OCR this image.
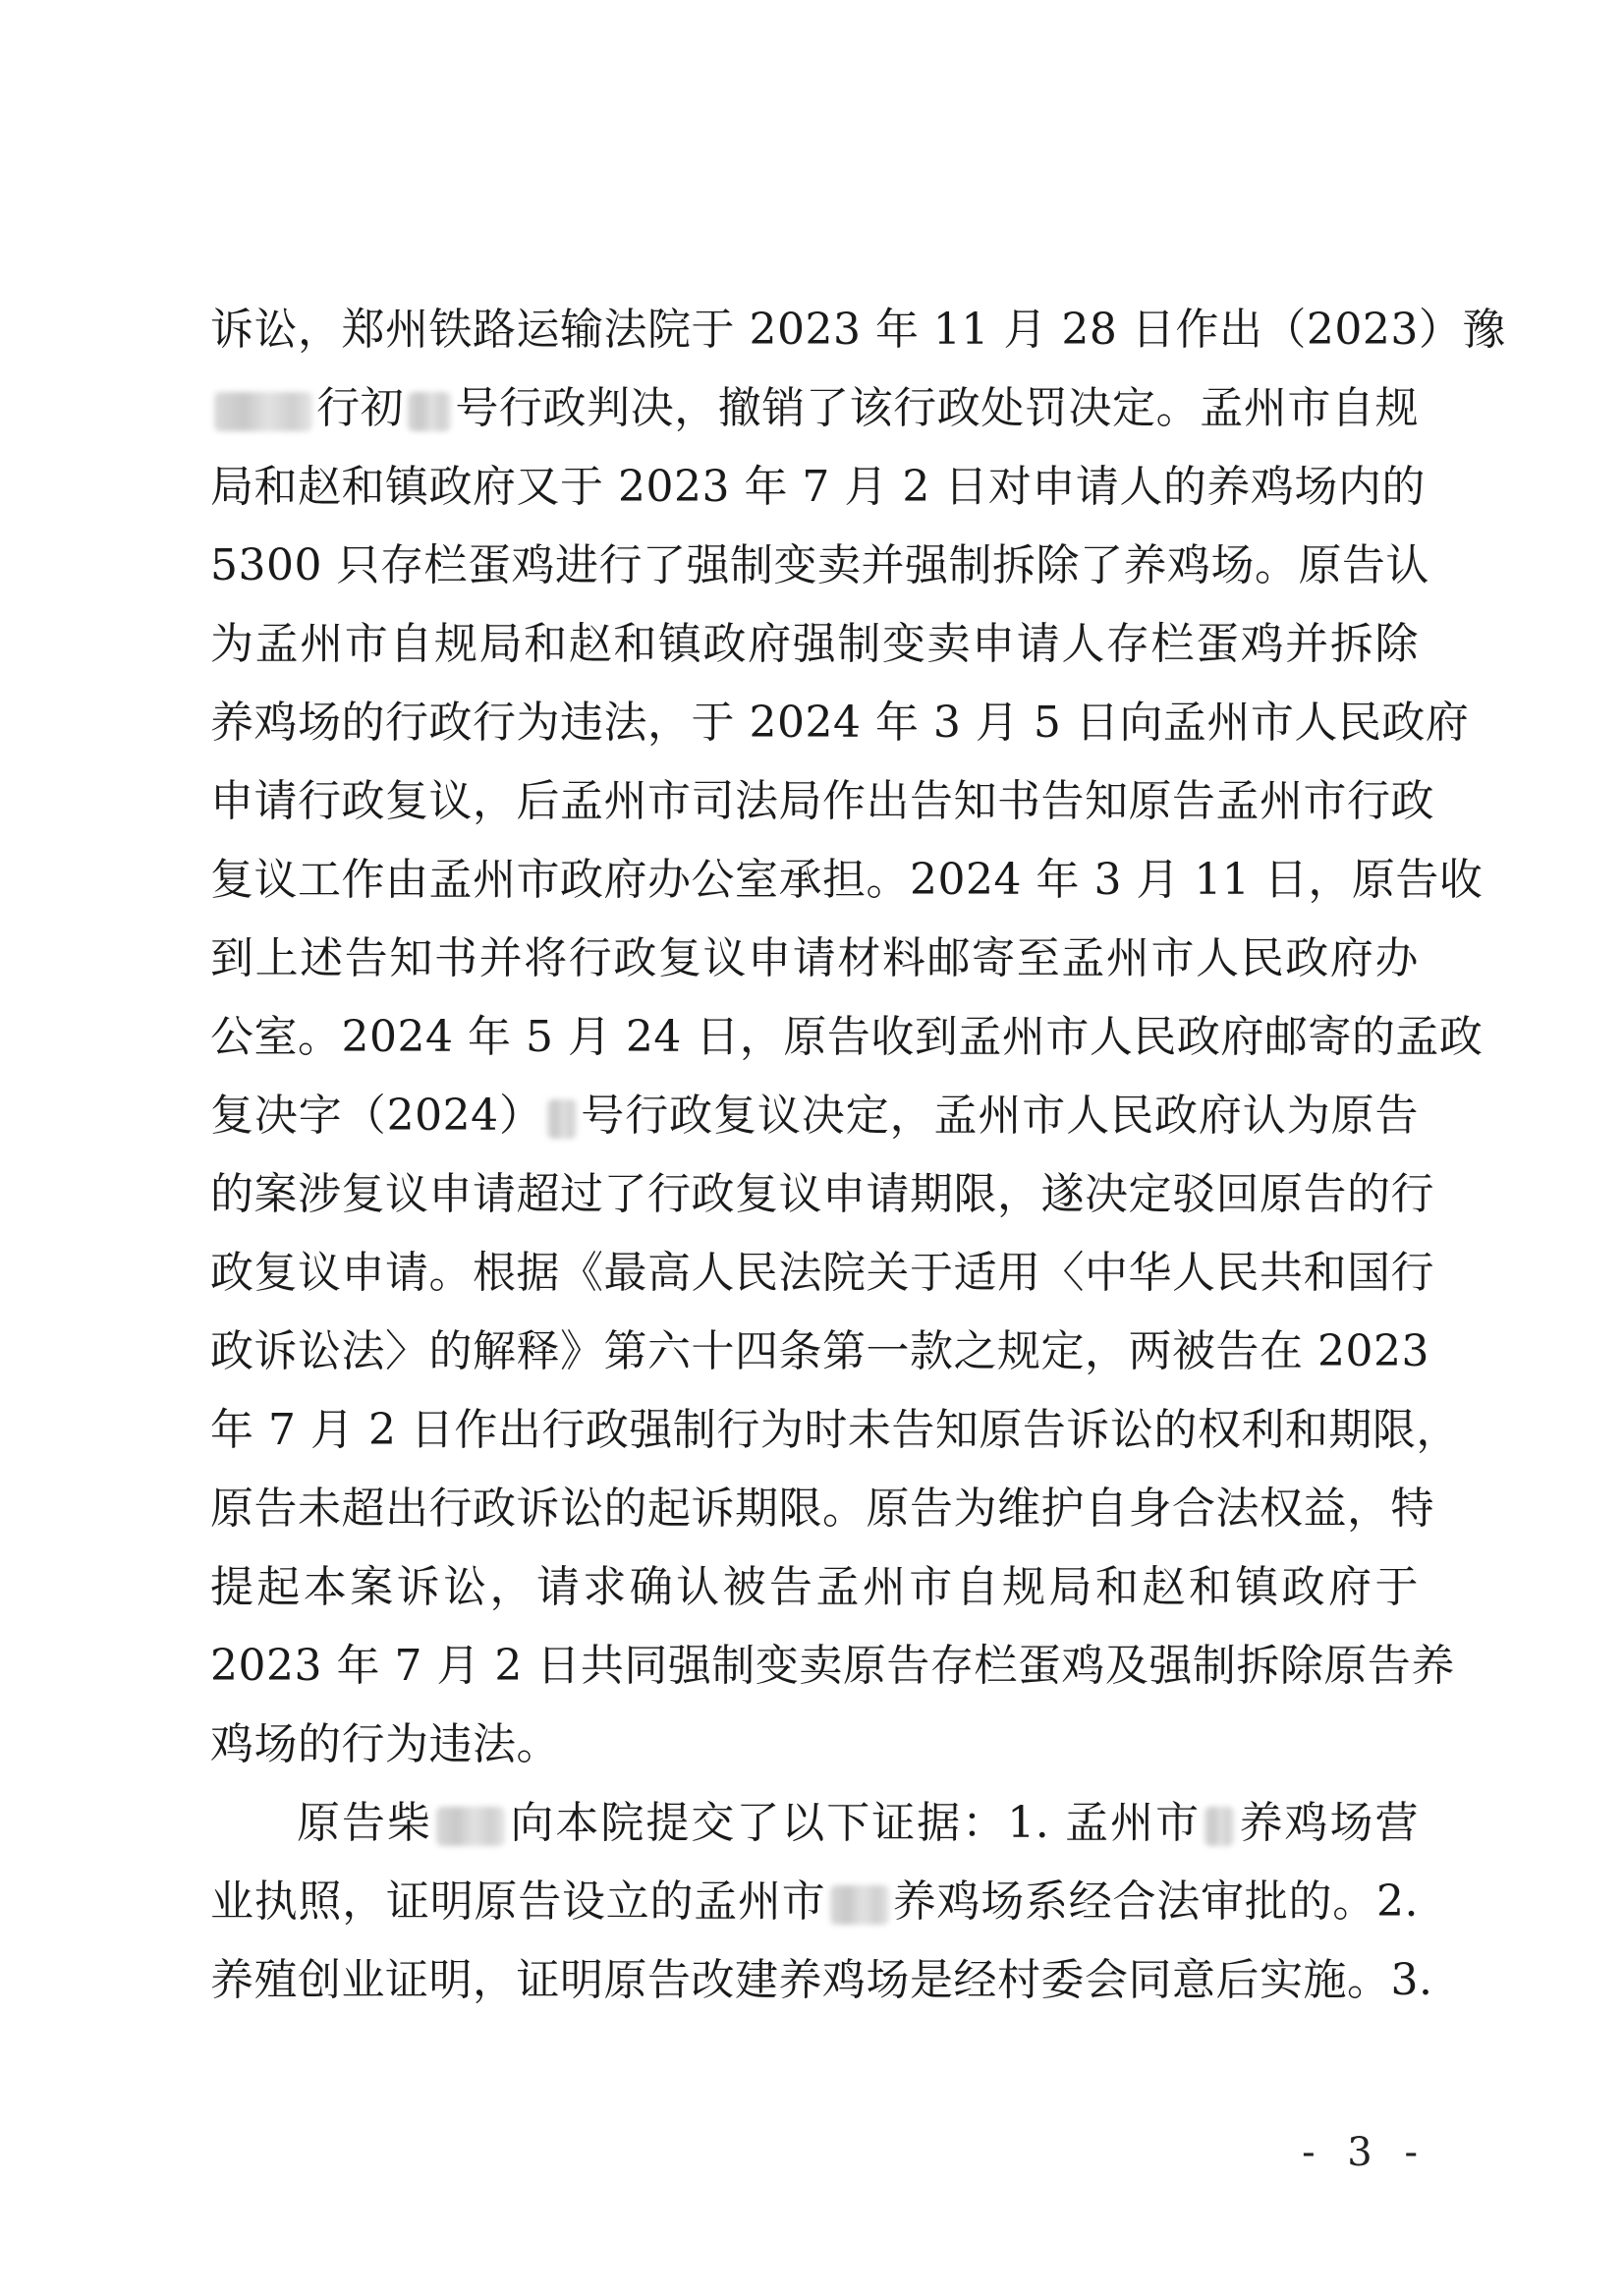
诉讼，郑州铁路运输法院于 2023 年 11 月 28 日作出（2023）豫
行初 号行政判决，撤销了该行政处罚决定。孟州市自规
局和赵和镇政府又于 2023 年 7 月 2 日对申请人的养鸡场内的
5300 只存栏蛋鸡进行了强制变卖并强制拆除了养鸡场。原告认
为孟州市自规局和赵和镇政府强制变卖申请人存栏蛋鸡并拆除
养鸡场的行政行为违法，于 2024 年 3 月 5 日向孟州市人民政府
申请行政复议，后孟州市司法局作出告知书告知原告孟州市行政
复议工作由孟州市政府办公室承担。2024 年 3 月 11 日，原告收
到上述告知书并将行政复议申请材料邮寄至孟州市人民政府办
公室。2024 年 5 月 24 日，原告收到孟州市人民政府邮寄的孟政
复决字（2024） 号行政复议决定，孟州市人民政府认为原告
的案涉复议申请超过了行政复议申请期限，遂决定驳回原告的行
政复议申请。根据《最高人民法院关于适用〈中华人民共和国行
政诉讼法〉的解释》第六十四条第一款之规定，两被告在 2023
年 7 月 2 日作出行政强制行为时未告知原告诉讼的权利和期限，
原告未超出行政诉讼的起诉期限。原告为维护自身合法权益，特
提起本案诉讼，请求确认被告孟州市自规局和赵和镇政府于
2023 年 7 月 2 日共同强制变卖原告存栏蛋鸡及强制拆除原告养
鸡场的行为违法。
原告柴 向本院提交了以下证据：1. 孟州市 养鸡场营
业执照，证明原告设立的孟州市 养鸡场系经合法审批的。2.
养殖创业证明，证明原告改建养鸡场是经村委会同意后实施。3.
- 3 -
